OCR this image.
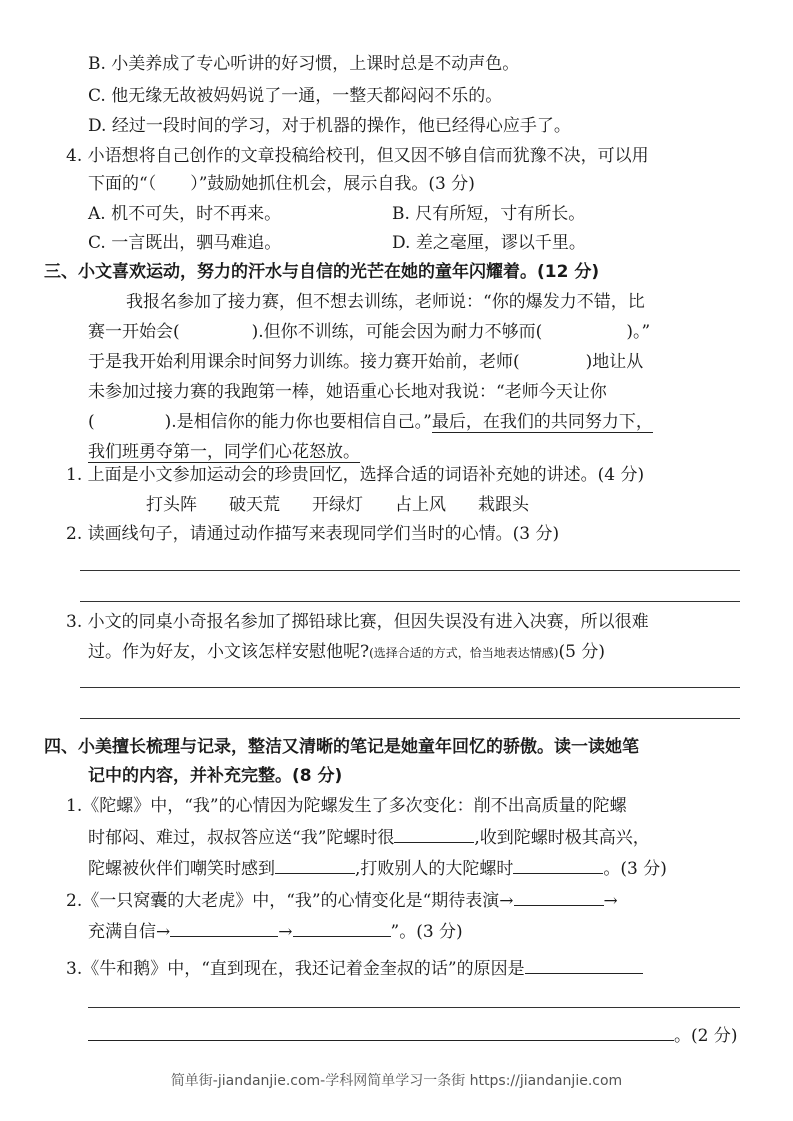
B. 小美养成了专心听讲的好习惯，上课时总是不动声色。
C. 他无缘无故被妈妈说了一通，一整天都闷闷不乐的。
D. 经过一段时间的学习，对于机器的操作，他已经得心应手了。
4. 小语想将自己创作的文章投稿给校刊，但又因不够自信而犹豫不决，可以用
下面的“（　　）”鼓励她抓住机会，展示自我。(3 分)
A. 机不可失，时不再来。	B. 尺有所短，寸有所长。
C. 一言既出，驷马难追。	D. 差之毫厘，谬以千里。
三、小文喜欢运动，努力的汗水与自信的光芒在她的童年闪耀着。(12 分)
我报名参加了接力赛，但不想去训练，老师说：“你的爆发力不错，比
赛一开始会(	).但你不训练，可能会因为耐力不够而(	)。”
于是我开始利用课余时间努力训练。接力赛开始前，老师(	)地让从
未参加过接力赛的我跑第一棒，她语重心长地对我说：“老师今天让你
(	).是相信你的能力你也要相信自己。”最后，在我们的共同努力下，
我们班勇夺第一，同学们心花怒放。
1. 上面是小文参加运动会的珍贵回忆，选择合适的词语补充她的讲述。(4 分)
打头阵 破天荒 开绿灯 占上风 栽跟头
2. 读画线句子，请通过动作描写来表现同学们当时的心情。(3 分)
3. 小文的同桌小奇报名参加了掷铅球比赛，但因失误没有进入决赛，所以很难
过。作为好友，小文该怎样安慰他呢?(选择合适的方式，恰当地表达情感)(5 分)
四、小美擅长梳理与记录，整洁又清晰的笔记是她童年回忆的骄傲。读一读她笔
记中的内容，并补充完整。(8 分)
1.《陀螺》中，“我”的心情因为陀螺发生了多次变化：削不出高质量的陀螺
时郁闷、难过，叔叔答应送“我”陀螺时很	,收到陀螺时极其高兴，
陀螺被伙伴们嘲笑时感到	,打败别人的大陀螺时	。(3 分)
2.《一只窝囊的大老虎》中，“我”的心情变化是“期待表演→	→
充满自信→	→	”。(3 分)
3.《牛和鹅》中，“直到现在，我还记着金奎叔的话”的原因是
。(2 分)
简单街-jiandanjie.com-学科网简单学习一条街 https://jiandanjie.com
